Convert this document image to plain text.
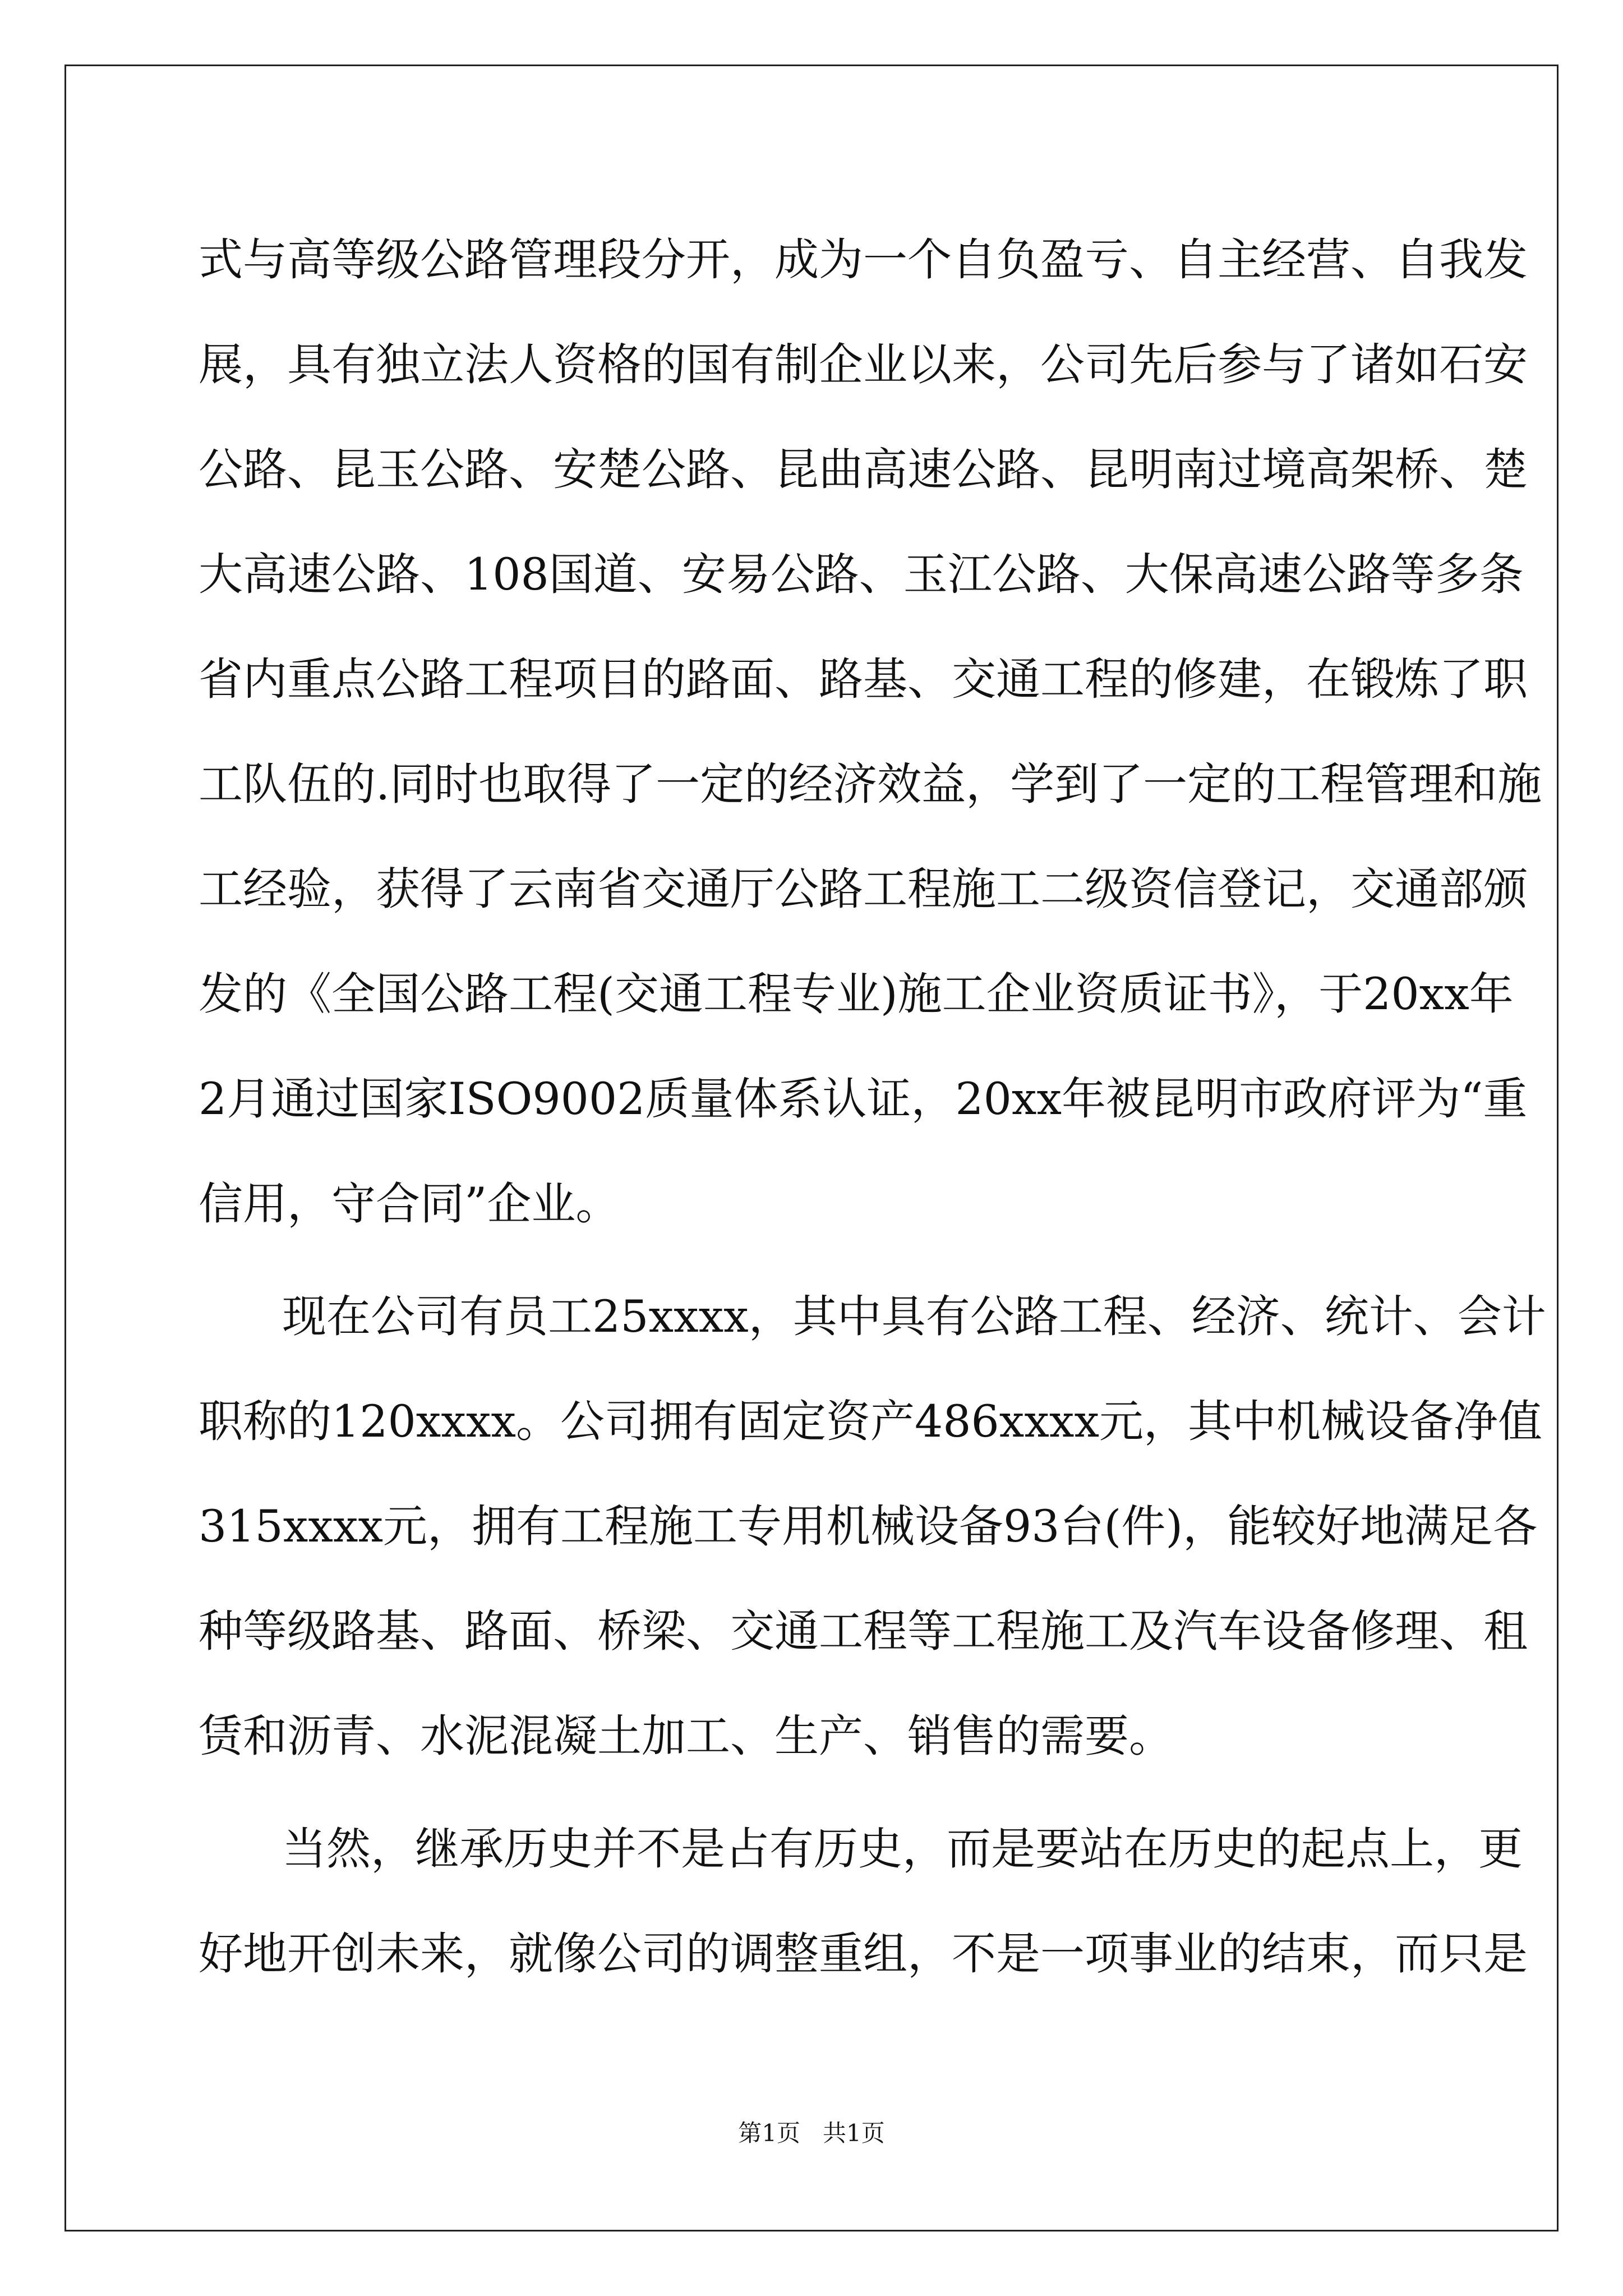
式与高等级公路管理段分开，成为一个自负盈亏、自主经营、自我发
展，具有独立法人资格的国有制企业以来，公司先后参与了诸如石安
公路、昆玉公路、安楚公路、昆曲高速公路、昆明南过境高架桥、楚
大高速公路、108国道、安易公路、玉江公路、大保高速公路等多条
省内重点公路工程项目的路面、路基、交通工程的修建，在锻炼了职
工队伍的.同时也取得了一定的经济效益，学到了一定的工程管理和施
工经验，获得了云南省交通厅公路工程施工二级资信登记，交通部颁
发的《全国公路工程(交通工程专业)施工企业资质证书》，于20xx年
2月通过国家ISO9002质量体系认证，20xx年被昆明市政府评为“重
信用，守合同”企业。
现在公司有员工25xxxx，其中具有公路工程、经济、统计、会计
职称的120xxxx。公司拥有固定资产486xxxx元，其中机械设备净值
315xxxx元，拥有工程施工专用机械设备93台(件)，能较好地满足各
种等级路基、路面、桥梁、交通工程等工程施工及汽车设备修理、租
赁和沥青、水泥混凝土加工、生产、销售的需要。
当然，继承历史并不是占有历史，而是要站在历史的起点上，更
好地开创未来，就像公司的调整重组，不是一项事业的结束，而只是
第1页   共1页
